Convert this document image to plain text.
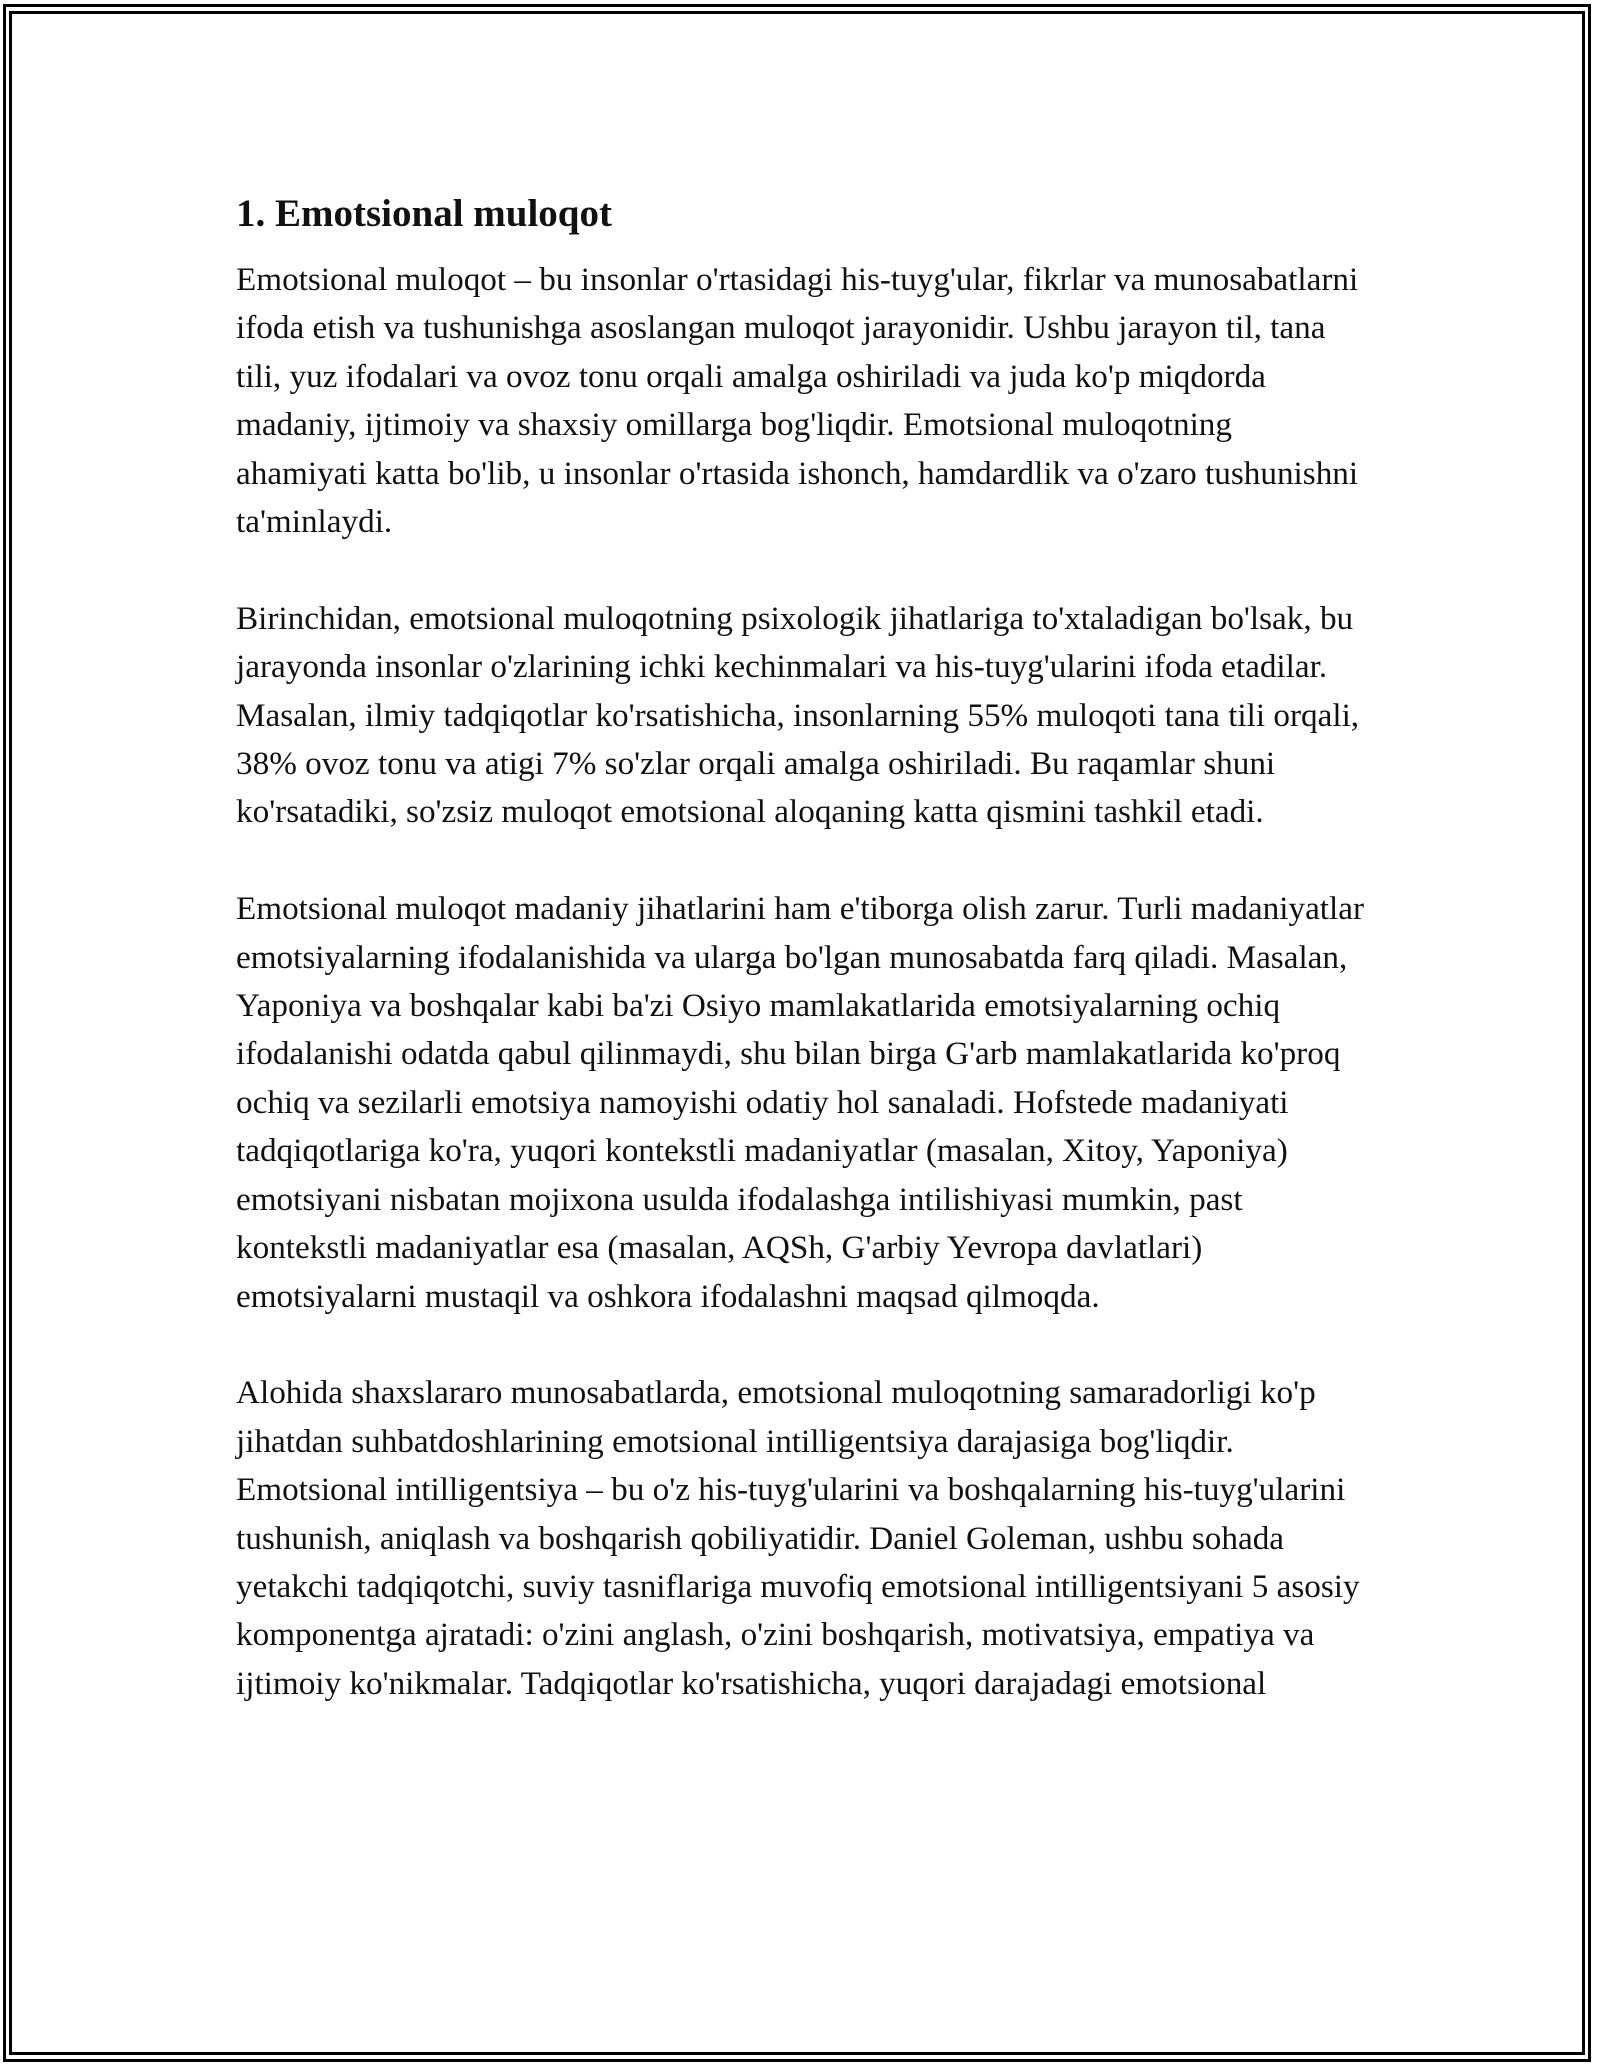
1. Emotsional muloqot

Emotsional muloqot – bu insonlar o'rtasidagi his-tuyg'ular, fikrlar va munosabatlarni ifoda etish va tushunishga asoslangan muloqot jarayonidir. Ushbu jarayon til, tana tili, yuz ifodalari va ovoz tonu orqali amalga oshiriladi va juda ko'p miqdorda madaniy, ijtimoiy va shaxsiy omillarga bog'liqdir. Emotsional muloqotning ahamiyati katta bo'lib, u insonlar o'rtasida ishonch, hamdardlik va o'zaro tushunishni ta'minlaydi.

Birinchidan, emotsional muloqotning psixologik jihatlariga to'xtaladigan bo'lsak, bu jarayonda insonlar o'zlarining ichki kechinmalari va his-tuyg'ularini ifoda etadilar. Masalan, ilmiy tadqiqotlar ko'rsatishicha, insonlarning 55% muloqoti tana tili orqali, 38% ovoz tonu va atigi 7% so'zlar orqali amalga oshiriladi. Bu raqamlar shuni ko'rsatadiki, so'zsiz muloqot emotsional aloqaning katta qismini tashkil etadi.

Emotsional muloqot madaniy jihatlarini ham e'tiborga olish zarur. Turli madaniyatlar emotsiyalarning ifodalanishida va ularga bo'lgan munosabatda farq qiladi. Masalan, Yaponiya va boshqalar kabi ba'zi Osiyo mamlakatlarida emotsiyalarning ochiq ifodalanishi odatda qabul qilinmaydi, shu bilan birga G'arb mamlakatlarida ko'proq ochiq va sezilarli emotsiya namoyishi odatiy hol sanaladi. Hofstede madaniyati tadqiqotlariga ko'ra, yuqori kontekstli madaniyatlar (masalan, Xitoy, Yaponiya) emotsiyani nisbatan mojixona usulda ifodalashga intilishiyasi mumkin, past kontekstli madaniyatlar esa (masalan, AQSh, G'arbiy Yevropa davlatlari) emotsiyalarni mustaqil va oshkora ifodalashni maqsad qilmoqda.

Alohida shaxslararo munosabatlarda, emotsional muloqotning samaradorligi ko'p jihatdan suhbatdoshlarining emotsional intilligentsiya darajasiga bog'liqdir. Emotsional intilligentsiya – bu o'z his-tuyg'ularini va boshqalarning his-tuyg'ularini tushunish, aniqlash va boshqarish qobiliyatidir. Daniel Goleman, ushbu sohada yetakchi tadqiqotchi, suviy tasniflariga muvofiq emotsional intilligentsiyani 5 asosiy komponentga ajratadi: o'zini anglash, o'zini boshqarish, motivatsiya, empatiya va ijtimoiy ko'nikmalar. Tadqiqotlar ko'rsatishicha, yuqori darajadagi emotsional
